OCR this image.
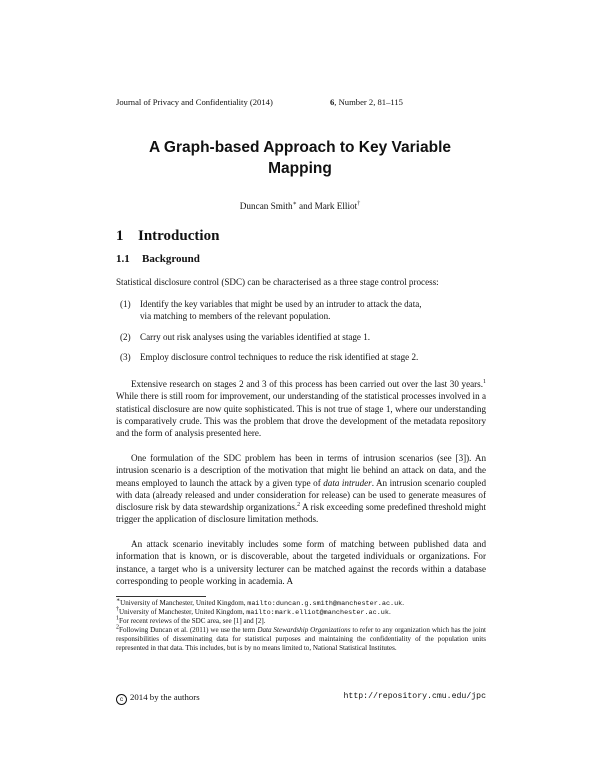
Journal of Privacy and Confidentiality (2014)	6, Number 2, 81–115
A Graph-based Approach to Key Variable
Mapping
Duncan Smith∗ and Mark Elliot†
1 Introduction
1.1 Background
Statistical disclosure control (SDC) can be characterised as a three stage control process:
(1) Identify the key variables that might be used by an intruder to attack the data,
via matching to members of the relevant population.
(2) Carry out risk analyses using the variables identified at stage 1.
(3) Employ disclosure control techniques to reduce the risk identified at stage 2.
Extensive research on stages 2 and 3 of this process has been carried out over the last 30 years.$^1$ While there is still room for improvement, our understanding of the statistical processes involved in a statistical disclosure are now quite sophisticated. This is not true of stage 1, where our understanding is comparatively crude. This was the problem that drove the development of the metadata repository and the form of analysis presented here.
One formulation of the SDC problem has been in terms of intrusion scenarios (see [3]). An intrusion scenario is a description of the motivation that might lie behind an attack on data, and the means employed to launch the attack by a given type of data intruder. An intrusion scenario coupled with data (already released and under consideration for release) can be used to generate measures of disclosure risk by data stewardship organizations.$^2$ A risk exceeding some predefined threshold might trigger the application of disclosure limitation methods.
An attack scenario inevitably includes some form of matching between published data and information that is known, or is discoverable, about the targeted individuals or organizations. For instance, a target who is a university lecturer can be matched against the records within a database corresponding to people working in academia. A
∗University of Manchester, United Kingdom, mailto:duncan.g.smith@manchester.ac.uk.
†University of Manchester, United Kingdom, mailto:mark.elliot@manchester.ac.uk.
$^1$For recent reviews of the SDC area, see [1] and [2].
$^2$Following Duncan et al. (2011) we use the term Data Stewardship Organizations to refer to any organization which has the joint responsibilities of disseminating data for statistical purposes and maintaining the confidentiality of the population units represented in that data. This includes, but is by no means limited to, National Statistical Institutes.
c 2014 by the authors	http://repository.cmu.edu/jpc
